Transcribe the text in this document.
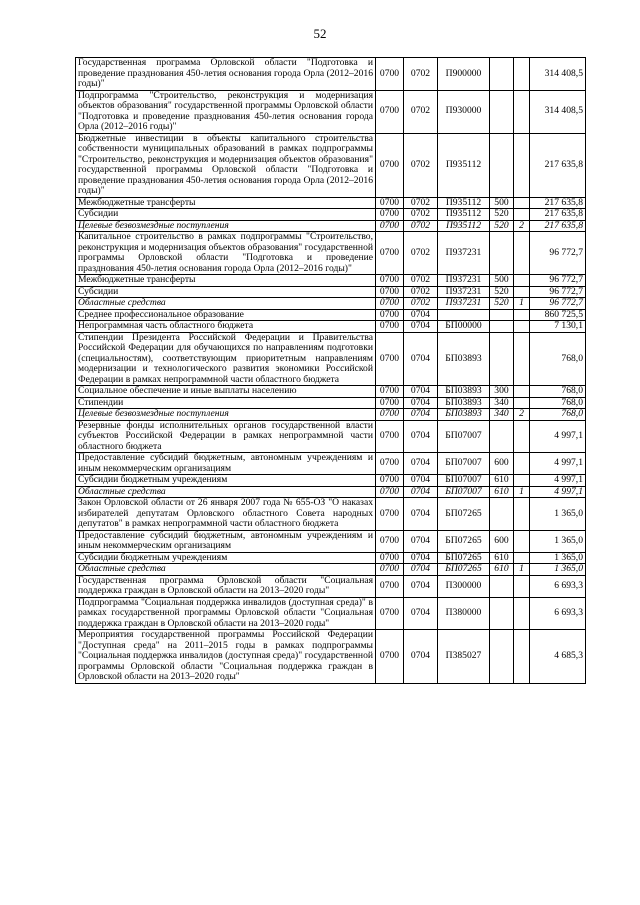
52
Государственная программа Орловской области "Подготовка и проведение празднования 450-летия основания города Орла (2012–2016 годы)"	0700	0702	П900000			314 408,5
Подпрограмма "Строительство, реконструкция и модернизация объектов образования" государственной программы Орловской области "Подготовка и проведение празднования 450-летия основания города Орла (2012–2016 годы)"	0700	0702	П930000			314 408,5
Бюджетные инвестиции в объекты капитального строительства собственности муниципальных образований в рамках подпрограммы "Строительство, реконструкция и модернизация объектов образования" государственной программы Орловской области "Подготовка и проведение празднования 450-летия основания города Орла (2012–2016 годы)"	0700	0702	П935112			217 635,8
Межбюджетные трансферты	0700	0702	П935112	500		217 635,8
Субсидии	0700	0702	П935112	520		217 635,8
Целевые безвозмездные поступления	0700	0702	П935112	520	2	217 635,8
Капитальное строительство в рамках подпрограммы "Строительство, реконструкция и модернизация объектов образования" государственной программы Орловской области "Подготовка и проведение празднования 450-летия основания города Орла (2012–2016 годы)"	0700	0702	П937231			96 772,7
Межбюджетные трансферты	0700	0702	П937231	500		96 772,7
Субсидии	0700	0702	П937231	520		96 772,7
Областные средства	0700	0702	П937231	520	1	96 772,7
Среднее профессиональное образование	0700	0704				860 725,5
Непрограммная часть областного бюджета	0700	0704	БП00000			7 130,1
Стипендии Президента Российской Федерации и Правительства Российской Федерации для обучающихся по направлениям подготовки (специальностям), соответствующим приоритетным направлениям модернизации и технологического развития экономики Российской Федерации в рамках непрограммной части областного бюджета	0700	0704	БП03893			768,0
Социальное обеспечение и иные выплаты населению	0700	0704	БП03893	300		768,0
Стипендии	0700	0704	БП03893	340		768,0
Целевые безвозмездные поступления	0700	0704	БП03893	340	2	768,0
Резервные фонды исполнительных органов государственной власти субъектов Российской Федерации в рамках непрограммной части областного бюджета	0700	0704	БП07007			4 997,1
Предоставление субсидий бюджетным, автономным учреждениям и иным некоммерческим организациям	0700	0704	БП07007	600		4 997,1
Субсидии бюджетным учреждениям	0700	0704	БП07007	610		4 997,1
Областные средства	0700	0704	БП07007	610	1	4 997,1
Закон Орловской области от 26 января 2007 года № 655-ОЗ "О наказах избирателей депутатам Орловского областного Совета народных депутатов" в рамках непрограммной части областного бюджета	0700	0704	БП07265			1 365,0
Предоставление субсидий бюджетным, автономным учреждениям и иным некоммерческим организациям	0700	0704	БП07265	600		1 365,0
Субсидии бюджетным учреждениям	0700	0704	БП07265	610		1 365,0
Областные средства	0700	0704	БП07265	610	1	1 365,0
Государственная программа Орловской области "Социальная поддержка граждан в Орловской области на 2013–2020 годы"	0700	0704	П300000			6 693,3
Подпрограмма "Социальная поддержка инвалидов (доступная среда)" в рамках государственной программы Орловской области "Социальная поддержка граждан в Орловской области на 2013–2020 годы"	0700	0704	П380000			6 693,3
Мероприятия государственной программы Российской Федерации "Доступная среда" на 2011–2015 годы в рамках подпрограммы "Социальная поддержка инвалидов (доступная среда)" государственной программы Орловской области "Социальная поддержка граждан в Орловской области на 2013–2020 годы"	0700	0704	П385027			4 685,3
